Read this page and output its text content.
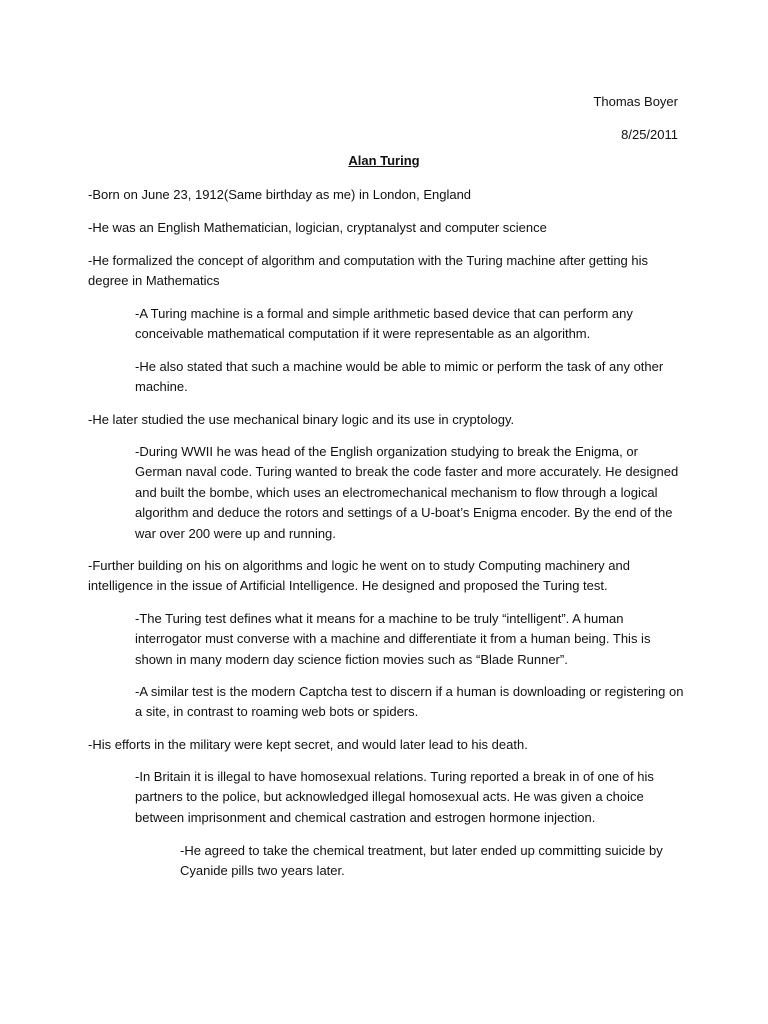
Thomas Boyer
8/25/2011
Alan Turing

-Born on June 23, 1912(Same birthday as me) in London, England

-He was an English Mathematician, logician, cryptanalyst and computer science

-He formalized the concept of algorithm and computation with the Turing machine after getting his degree in Mathematics

-A Turing machine is a formal and simple arithmetic based device that can perform any conceivable mathematical computation if it were representable as an algorithm.

-He also stated that such a machine would be able to mimic or perform the task of any other machine.

-He later studied the use mechanical binary logic and its use in cryptology.

-During WWII he was head of the English organization studying to break the Enigma, or German naval code. Turing wanted to break the code faster and more accurately. He designed and built the bombe, which uses an electromechanical mechanism to flow through a logical algorithm and deduce the rotors and settings of a U-boat’s Enigma encoder. By the end of the war over 200 were up and running.

-Further building on his on algorithms and logic he went on to study Computing machinery and intelligence in the issue of Artificial Intelligence. He designed and proposed the Turing test.

-The Turing test defines what it means for a machine to be truly “intelligent”. A human interrogator must converse with a machine and differentiate it from a human being. This is shown in many modern day science fiction movies such as “Blade Runner”.

-A similar test is the modern Captcha test to discern if a human is downloading or registering on a site, in contrast to roaming web bots or spiders.

-His efforts in the military were kept secret, and would later lead to his death.

-In Britain it is illegal to have homosexual relations. Turing reported a break in of one of his partners to the police, but acknowledged illegal homosexual acts. He was given a choice between imprisonment and chemical castration and estrogen hormone injection.

-He agreed to take the chemical treatment, but later ended up committing suicide by Cyanide pills two years later.
